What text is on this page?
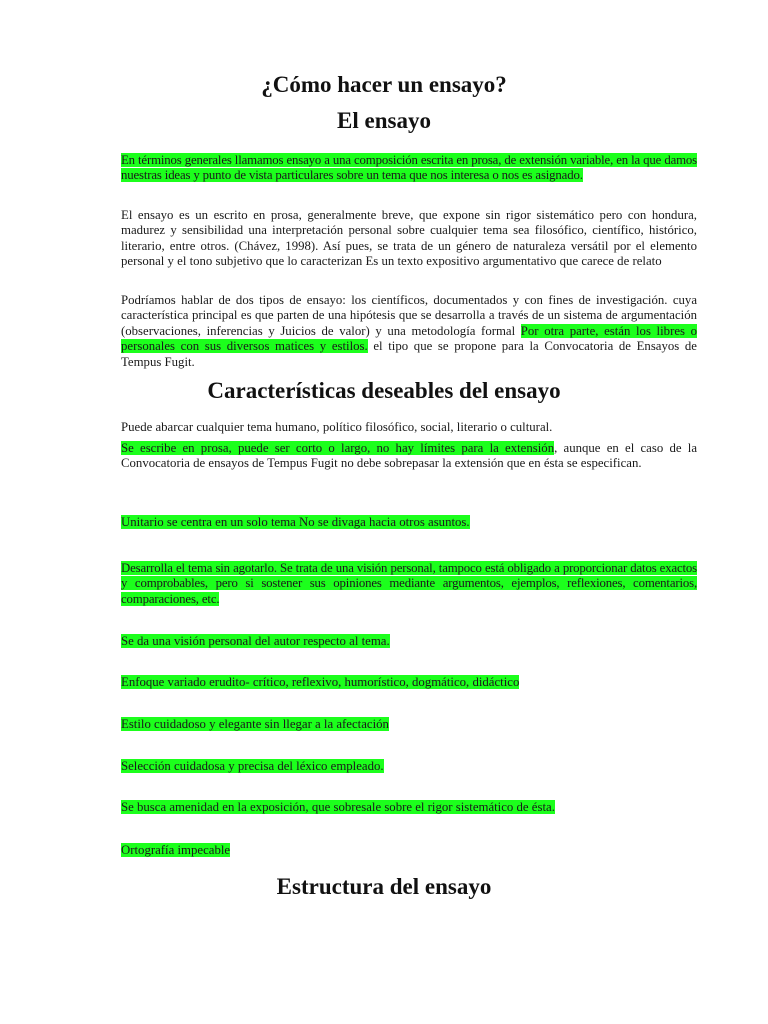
¿Cómo hacer un ensayo?
El ensayo
En términos generales llamamos ensayo a una composición escrita en prosa, de extensión variable, en la que damos nuestras ideas y punto de vista particulares sobre un tema que nos interesa o nos es asignado.
El ensayo es un escrito en prosa, generalmente breve, que expone sin rigor sistemático pero con hondura, madurez y sensibilidad una interpretación personal sobre cualquier tema sea filosófico, científico, histórico, literario, entre otros. (Chávez, 1998). Así pues, se trata de un género de naturaleza versátil por el elemento personal y el tono subjetivo que lo caracterizan Es un texto expositivo argumentativo que carece de relato
Podríamos hablar de dos tipos de ensayo: los científicos, documentados y con fines de investigación. cuya característica principal es que parten de una hipótesis que se desarrolla a través de un sistema de argumentación (observaciones, inferencias y Juicios de valor) y una metodología formal Por otra parte, están los libres o personales con sus diversos matices y estilos. el tipo que se propone para la Convocatoria de Ensayos de Tempus Fugit.
Características deseables del ensayo
Puede abarcar cualquier tema humano, político filosófico, social, literario o cultural.
Se escribe en prosa, puede ser corto o largo, no hay límites para la extensión, aunque en el caso de la Convocatoria de ensayos de Tempus Fugit no debe sobrepasar la extensión que en ésta se especifican.
Unitario se centra en un solo tema No se divaga hacia otros asuntos.
Desarrolla el tema sin agotarlo. Se trata de una visión personal, tampoco está obligado a proporcionar datos exactos y comprobables, pero si sostener sus opiniones mediante argumentos, ejemplos, reflexiones, comentarios, comparaciones, etc.
Se da una visión personal del autor respecto al tema.
Enfoque variado erudito- crítico, reflexivo, humorístico, dogmático, didáctico
Estilo cuidadoso y elegante sin llegar a la afectación
Selección cuidadosa y precisa del léxico empleado.
Se busca amenidad en la exposición, que sobresale sobre el rigor sistemático de ésta.
Ortografía impecable
Estructura del ensayo
